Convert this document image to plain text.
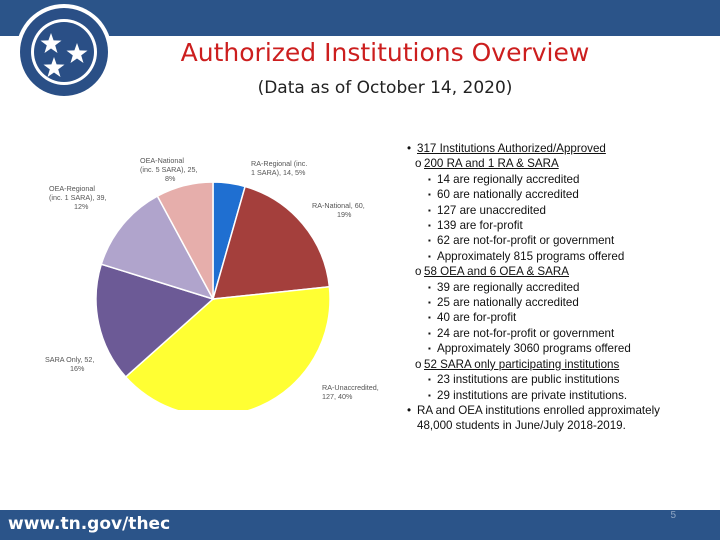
Authorized Institutions Overview
(Data as of October 14, 2020)
RA-Regional (inc. 1 SARA), 14, 5%
RA-National, 60, 19%
RA-Unaccredited, 127, 40%
SARA Only, 52, 16%
OEA-Regional (inc. 1 SARA), 39, 12%
OEA-National (inc. 5 SARA), 25, 8%
• 317 Institutions Authorized/Approved
o 200 RA and 1 RA & SARA
▪ 14 are regionally accredited
▪ 60 are nationally accredited
▪ 127 are unaccredited
▪ 139 are for-profit
▪ 62 are not-for-profit or government
▪ Approximately 815 programs offered
o 58 OEA and 6 OEA & SARA
▪ 39 are regionally accredited
▪ 25 are nationally accredited
▪ 40 are for-profit
▪ 24 are not-for-profit or government
▪ Approximately 3060 programs offered
o 52 SARA only participating institutions
▪ 23 institutions are public institutions
▪ 29 institutions are private institutions.
• RA and OEA institutions enrolled approximately
48,000 students in June/July 2018-2019.
www.tn.gov/thec	5
